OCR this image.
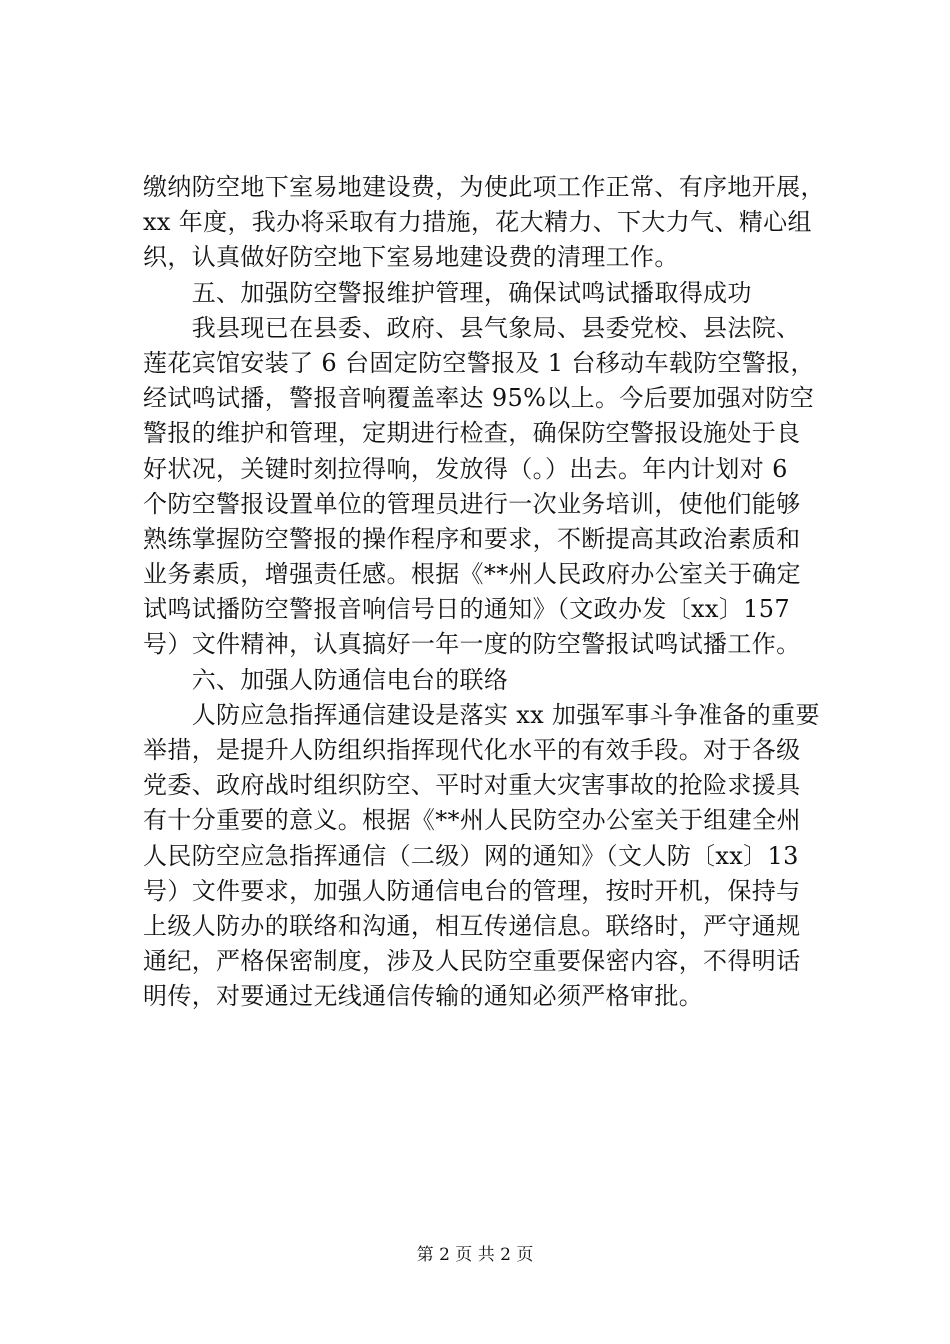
缴纳防空地下室易地建设费，为使此项工作正常、有序地开展，
xx 年度，我办将采取有力措施，花大精力、下大力气、精心组
织，认真做好防空地下室易地建设费的清理工作。
　　五、加强防空警报维护管理，确保试鸣试播取得成功
　　我县现已在县委、政府、县气象局、县委党校、县法院、
莲花宾馆安装了 6 台固定防空警报及 1 台移动车载防空警报，
经试鸣试播，警报音响覆盖率达 95%以上。今后要加强对防空
警报的维护和管理，定期进行检查，确保防空警报设施处于良
好状况，关键时刻拉得响，发放得（。）出去。年内计划对 6
个防空警报设置单位的管理员进行一次业务培训，使他们能够
熟练掌握防空警报的操作程序和要求，不断提高其政治素质和
业务素质，增强责任感。根据《**州人民政府办公室关于确定
试鸣试播防空警报音响信号日的通知》（文政办发〔xx〕157
号）文件精神，认真搞好一年一度的防空警报试鸣试播工作。
　　六、加强人防通信电台的联络
　　人防应急指挥通信建设是落实 xx 加强军事斗争准备的重要
举措，是提升人防组织指挥现代化水平的有效手段。对于各级
党委、政府战时组织防空、平时对重大灾害事故的抢险求援具
有十分重要的意义。根据《**州人民防空办公室关于组建全州
人民防空应急指挥通信（二级）网的通知》（文人防〔xx〕13
号）文件要求，加强人防通信电台的管理，按时开机，保持与
上级人防办的联络和沟通，相互传递信息。联络时，严守通规
通纪，严格保密制度，涉及人民防空重要保密内容，不得明话
明传，对要通过无线通信传输的通知必须严格审批。
第 2 页 共 2 页
